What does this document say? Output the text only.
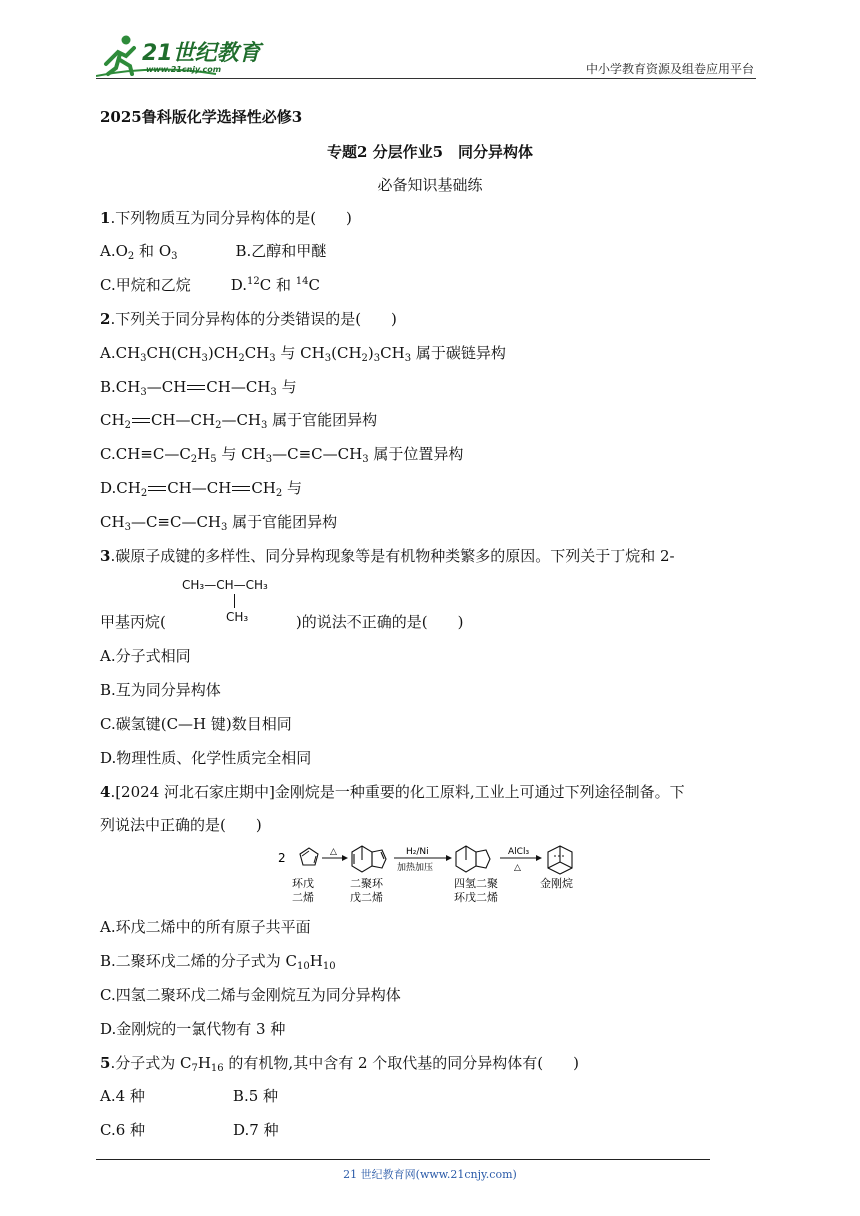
21世纪教育
www.21cnjy.com	中小学教育资源及组卷应用平台
2025鲁科版化学选择性必修3
专题2 分层作业5　同分异构体
必备知识基础练
1.下列物质互为同分异构体的是(　　)
$A.O_2$ 和 $O_3$	B.乙醇和甲醚
C.甲烷和乙烷	D.$^{12}$C 和 $^{14}$C
2.下列关于同分异构体的分类错误的是(　　)
$A.CH_3CH(CH_3)CH_2CH_3$ 与 $CH_3(CH_2)_3CH_3$ 属于碳链异构
$B.CH_3—CH$ $CH—CH_3$ 与
$CH_2$ $CH—CH_2—CH_3$ 属于官能团异构
$C.CH\equiv C—C_2H_5$ 与 $CH_3—C\equiv C—CH_3$ 属于位置异构
$D.CH_2$ CH—CH $CH_2$ 与
$CH_3—C\equiv C—CH_3$ 属于官能团异构
3.碳原子成键的多样性、同分异构现象等是有机物种类繁多的原因。下列关于丁烷和 2-
CH₃—CH—CH₃
CH₃
甲基丙烷(	)的说法不正确的是(　　)
A.分子式相同
B.互为同分异构体
C.碳氢键(C—H 键)数目相同
D.物理性质、化学性质完全相同
4.[2024 河北石家庄期中]金刚烷是一种重要的化工原料,工业上可通过下列途径制备。下
列说法中正确的是(　　)
2	△	H₂/Ni
加热加压
AlCl₃
△
环戊
二烯
二聚环
戊二烯
四氢二聚
环戊二烯
金刚烷
A.环戊二烯中的所有原子共平面
B.二聚环戊二烯的分子式为 $C_{10}H_{10}$
C.四氢二聚环戊二烯与金刚烷互为同分异构体
D.金刚烷的一氯代物有 3 种
5.分子式为 $C_7H_{16}$ 的有机物,其中含有 2 个取代基的同分异构体有(　　)
A.4 种	B.5 种
C.6 种	D.7 种
21 世纪教育网(www.21cnjy.com)
